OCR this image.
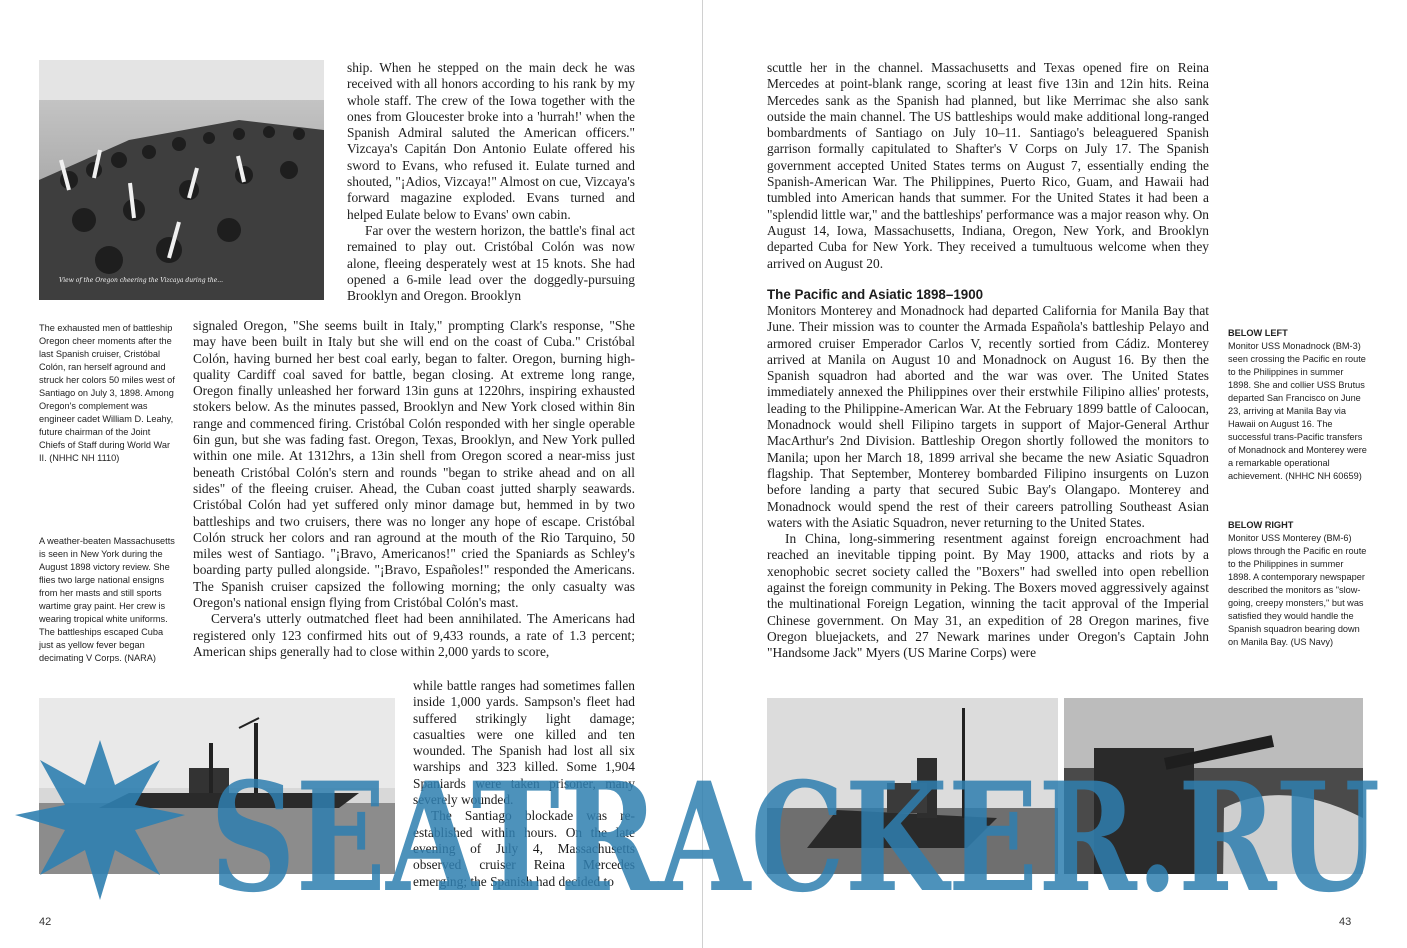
View of the Oregon cheering the Vizcaya during the...
The exhausted men of battleship Oregon cheer moments after the last Spanish cruiser, Cristóbal Colón, ran herself aground and struck her colors 50 miles west of Santiago on July 3, 1898. Among Oregon's complement was engineer cadet William D. Leahy, future chairman of the Joint Chiefs of Staff during World War II. (NHHC NH 1110)
A weather-beaten Massachusetts is seen in New York during the August 1898 victory review. She flies two large national ensigns from her masts and still sports wartime gray paint. Her crew is wearing tropical white uniforms. The battleships escaped Cuba just as yellow fever began decimating V Corps. (NARA)

ship. When he stepped on the main deck he was received with all honors according to his rank by my whole staff. The crew of the Iowa together with the ones from Gloucester broke into a 'hurrah!' when the Spanish Admiral saluted the American officers." Vizcaya's Capitán Don Antonio Eulate offered his sword to Evans, who refused it. Eulate turned and shouted, "¡Adios, Vizcaya!" Almost on cue, Vizcaya's forward magazine exploded. Evans turned and helped Eulate below to Evans' own cabin.

Far over the western horizon, the battle's final act remained to play out. Cristóbal Colón was now alone, fleeing desperately west at 15 knots. She had opened a 6-mile lead over the doggedly-pursuing Brooklyn and Oregon. Brooklyn

signaled Oregon, "She seems built in Italy," prompting Clark's response, "She may have been built in Italy but she will end on the coast of Cuba." Cristóbal Colón, having burned her best coal early, began to falter. Oregon, burning high-quality Cardiff coal saved for battle, began closing. At extreme long range, Oregon finally unleashed her forward 13in guns at 1220hrs, inspiring exhausted stokers below. As the minutes passed, Brooklyn and New York closed within 8in range and commenced firing. Cristóbal Colón responded with her single operable 6in gun, but she was fading fast. Oregon, Texas, Brooklyn, and New York pulled within one mile. At 1312hrs, a 13in shell from Oregon scored a near-miss just beneath Cristóbal Colón's stern and rounds "began to strike ahead and on all sides" of the fleeing cruiser. Ahead, the Cuban coast jutted sharply seawards. Cristóbal Colón had yet suffered only minor damage but, hemmed in by two battleships and two cruisers, there was no longer any hope of escape. Cristóbal Colón struck her colors and ran aground at the mouth of the Rio Tarquino, 50 miles west of Santiago. "¡Bravo, Americanos!" cried the Spaniards as Schley's boarding party pulled alongside. "¡Bravo, Españoles!" responded the Americans. The Spanish cruiser capsized the following morning; the only casualty was Oregon's national ensign flying from Cristóbal Colón's mast.

Cervera's utterly outmatched fleet had been annihilated. The Americans had registered only 123 confirmed hits out of 9,433 rounds, a rate of 1.3 percent; American ships generally had to close within 2,000 yards to score,

while battle ranges had sometimes fallen inside 1,000 yards. Sampson's fleet had suffered strikingly light damage; casualties were one killed and ten wounded. The Spanish had lost all six warships and 323 killed. Some 1,904 Spaniards were taken prisoner, many severely wounded.

The Santiago blockade was re-established within hours. On the late evening of July 4, Massachusetts observed cruiser Reina Mercedes emerging; the Spanish had decided to

42

scuttle her in the channel. Massachusetts and Texas opened fire on Reina Mercedes at point-blank range, scoring at least five 13in and 12in hits. Reina Mercedes sank as the Spanish had planned, but like Merrimac she also sank outside the main channel. The US battleships would make additional long-ranged bombardments of Santiago on July 10–11. Santiago's beleaguered Spanish garrison formally capitulated to Shafter's V Corps on July 17. The Spanish government accepted United States terms on August 7, essentially ending the Spanish-American War. The Philippines, Puerto Rico, Guam, and Hawaii had tumbled into American hands that summer. For the United States it had been a "splendid little war," and the battleships' performance was a major reason why. On August 14, Iowa, Massachusetts, Indiana, Oregon, New York, and Brooklyn departed Cuba for New York. They received a tumultuous welcome when they arrived on August 20.

The Pacific and Asiatic 1898–1900

Monitors Monterey and Monadnock had departed California for Manila Bay that June. Their mission was to counter the Armada Española's battleship Pelayo and armored cruiser Emperador Carlos V, recently sortied from Cádiz. Monterey arrived at Manila on August 10 and Monadnock on August 16. By then the Spanish squadron had aborted and the war was over. The United States immediately annexed the Philippines over their erstwhile Filipino allies' protests, leading to the Philippine-American War. At the February 1899 battle of Caloocan, Monadnock would shell Filipino targets in support of Major-General Arthur MacArthur's 2nd Division. Battleship Oregon shortly followed the monitors to Manila; upon her March 18, 1899 arrival she became the new Asiatic Squadron flagship. That September, Monterey bombarded Filipino insurgents on Luzon before landing a party that secured Subic Bay's Olangapo. Monterey and Monadnock would spend the rest of their careers patrolling Southeast Asian waters with the Asiatic Squadron, never returning to the United States.

In China, long-simmering resentment against foreign encroachment had reached an inevitable tipping point. By May 1900, attacks and riots by a xenophobic secret society called the "Boxers" had swelled into open rebellion against the foreign community in Peking. The Boxers moved aggressively against the multinational Foreign Legation, winning the tacit approval of the Imperial Chinese government. On May 31, an expedition of 28 Oregon marines, five Oregon bluejackets, and 27 Newark marines under Oregon's Captain John "Handsome Jack" Myers (US Marine Corps) were

BELOW LEFT
Monitor USS Monadnock (BM-3) seen crossing the Pacific en route to the Philippines in summer 1898. She and collier USS Brutus departed San Francisco on June 23, arriving at Manila Bay via Hawaii on August 16. The successful trans-Pacific transfers of Monadnock and Monterey were a remarkable operational achievement. (NHHC NH 60659)
BELOW RIGHT
Monitor USS Monterey (BM-6) plows through the Pacific en route to the Philippines in summer 1898. A contemporary newspaper described the monitors as "slow-going, creepy monsters," but was satisfied they would handle the Spanish squadron bearing down on Manila Bay. (US Navy)
43
SEATRACKER.RU
